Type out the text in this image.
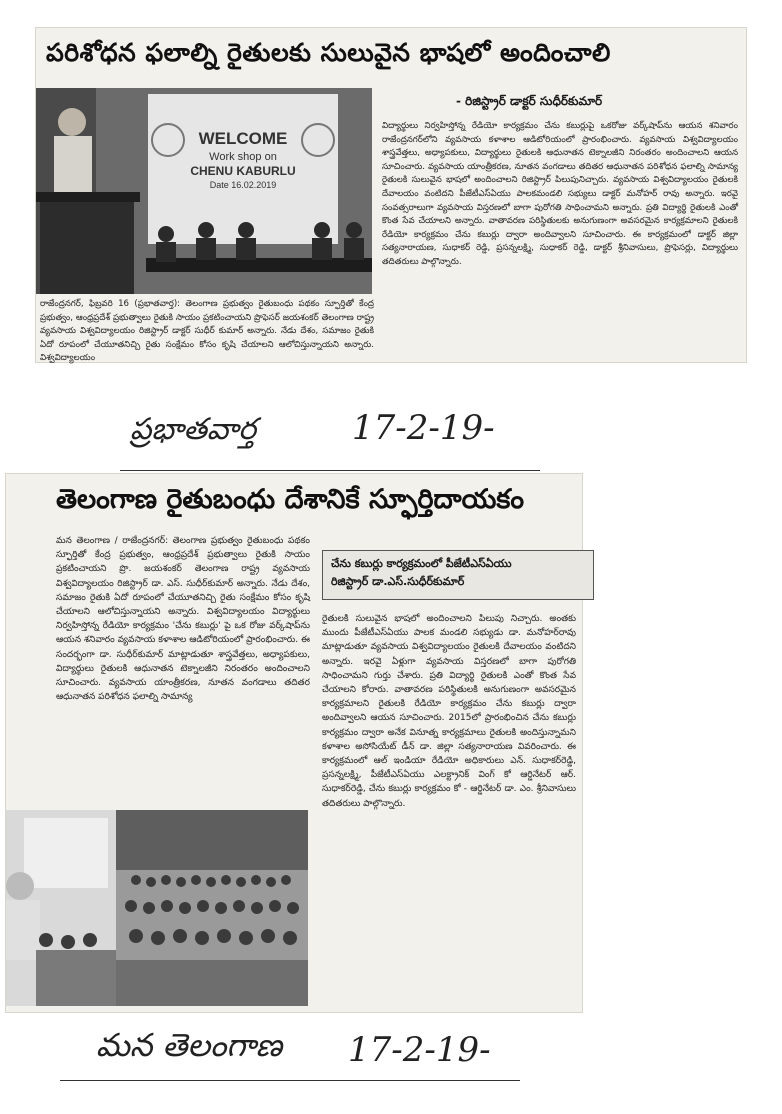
పరిశోధన ఫలాల్ని రైతులకు సులువైన భాషలో అందించాలి
WELCOME
Work shop on
CHENU KABURLU
Date 16.02.2019
- రిజిస్ట్రార్ డాక్టర్ సుధీర్‌కుమార్
విద్యార్థులు నిర్వహిస్తోన్న రేడియో కార్యక్రమం చేను కబుర్లుపై ఒకరోజు వర్క్‌షాప్‌ను ఆయన శనివారం రాజేంద్రనగర్‌లోని వ్యవసాయ కళాశాల ఆడిటోరియంలో ప్రారంభించారు. వ్యవసాయ విశ్వవిద్యాలయం శాస్త్రవేత్తలు, అధ్యాపకులు, విద్యార్థులు రైతులకి ఆధునాతన టెక్నాలజీని నిరంతరం అందించాలని ఆయన సూచించారు. వ్యవసాయ యాంత్రీకరణ, నూతన వంగడాలు తదితర ఆధునాతన పరిశోధన ఫలాల్ని సామాన్య రైతులకి సులువైన భాషలో అందించాలని రిజిస్ట్రార్ పిలుపునిచ్చారు. వ్యవసాయ విశ్వవిద్యాలయం రైతులకి దేవాలయం వంటిదని పీజేటీఎస్ఏయు పాలకమండలి సభ్యులు డాక్టర్ మనోహర్ రావు అన్నారు. ఇరవై సంవత్సరాలుగా వ్యవసాయ విస్తరణలో బాగా పురోగతి సాధించామని అన్నారు. ప్రతి విద్యార్థి రైతులకి ఎంతో కొంత సేవ చేయాలని అన్నారు. వాతావరణ పరిస్థితులకు అనుగుణంగా అవసరమైన కార్యక్రమాలని రైతులకి రేడియో కార్యక్రమం చేను కబుర్లు ద్వారా అందివ్వాలని సూచించారు. ఈ కార్యక్రమంలో డాక్టర్ జిల్లా సత్యనారాయణ, సుధాకర్ రెడ్డి, ప్రసన్నలక్ష్మి, సుధాకర్ రెడ్డి, డాక్టర్ శ్రీనివాసులు, ప్రొఫెసర్లు, విద్యార్థులు తదితరులు పాల్గొన్నారు.
రాజేంద్రనగర్, ఫిబ్రవరి 16 (ప్రభాతవార్త): తెలంగాణ ప్రభుత్వం రైతుబంధు పథకం స్ఫూర్తితో కేంద్ర ప్రభుత్వం, ఆంధ్రప్రదేశ్ ప్రభుత్వాలు రైతుకి సాయం ప్రకటించాయని ప్రొఫెసర్ జయశంకర్ తెలంగాణ రాష్ట్ర వ్యవసాయ విశ్వవిద్యాలయం రిజిస్ట్రార్ డాక్టర్ సుధీర్ కుమార్ అన్నారు. నేడు దేశం, సమాజం రైతుకి ఏదో రూపంలో చేయూతనిచ్చి రైతు సంక్షేమం కోసం కృషి చేయాలని ఆలోచిస్తున్నాయని అన్నారు. విశ్వవిద్యాలయం
ప్రభాతవార్త	17-2-19-
తెలంగాణ రైతుబంధు దేశానికే స్ఫూర్తిదాయకం
మన తెలంగాణ / రాజేంద్రనగర్: తెలంగాణ ప్రభుత్వం రైతుబంధు పథకం స్ఫూర్తితో కేంద్ర ప్రభుత్వం, ఆంధ్రప్రదేశ్ ప్రభుత్వాలు రైతుకి సాయం ప్రకటించాయని ప్రొ. జయశంకర్ తెలంగాణ రాష్ట్ర వ్యవసాయ విశ్వవిద్యాలయం రిజిస్ట్రార్ డా. ఎస్. సుధీర్‌కుమార్ అన్నారు. నేడు దేశం, సమాజం రైతుకి ఏదో రూపంలో చేయూతనిచ్చి రైతు సంక్షేమం కోసం కృషి చేయాలని ఆలోచిస్తున్నాయని అన్నారు. విశ్వవిద్యాలయం విద్యార్థులు నిర్వహిస్తోన్న రేడియో కార్యక్రమం 'చేను కబుర్లు' పై ఒక రోజు వర్క్‌షాప్‌ను ఆయన శనివారం వ్యవసాయ కళాశాల ఆడిటోరియంలో ప్రారంభించారు. ఈ సందర్భంగా డా. సుధీర్‌కుమార్ మాట్లాడుతూ శాస్త్రవేత్తలు, అధ్యాపకులు, విద్యార్థులు రైతులకి ఆధునాతన టెక్నాలజీని నిరంతరం అందించాలని సూచించారు. వ్యవసాయ యాంత్రీకరణ, నూతన వంగడాలు తదితర ఆధునాతన పరిశోధన ఫలాల్ని సామాన్య
చేను కబుర్లు కార్యక్రమంలో పీజేటీఎస్ఏయు
రిజిస్ట్రార్ డా.ఎస్.సుధీర్‌కుమార్
రైతులకి సులువైన భాషలో అందించాలని పిలుపు నిచ్చారు. అంతకు ముందు పీజేటీఎస్ఏయు పాలక మండలి సభ్యుడు డా. మనోహర్‌రావు మాట్లాడుతూ వ్యవసాయ విశ్వవిద్యాలయం రైతులకి దేవాలయం వంటిదని అన్నారు. ఇరవై ఏళ్లుగా వ్యవసాయ విస్తరణలో బాగా పురోగతి సాధించామని గుర్తు చేశారు. ప్రతి విద్యార్థి రైతులకి ఎంతో కొంత సేవ చేయాలని కోరారు. వాతావరణ పరిస్థితులకి అనుగుణంగా అవసరమైన కార్యక్రమాలని రైతులకి రేడియో కార్యక్రమం చేను కబుర్లు ద్వారా అందివ్వాలని ఆయన సూచించారు. 2015లో ప్రారంభించిన చేను కబుర్లు కార్యక్రమం ద్వారా అనేక వినూత్న కార్యక్రమాలు రైతులకి అందిస్తున్నామని కళాశాల అసోసియేట్ డీన్ డా. జిల్లా సత్యనారాయణ వివరించారు. ఈ కార్యక్రమంలో ఆల్ ఇండియా రేడియో అధికారులు ఎన్. సుధాకర్‌రెడ్డి, ప్రసన్నలక్ష్మి, పీజేటీఎస్ఏయు ఎలక్ట్రానిక్ వింగ్ కో ఆర్డినేటర్ ఆర్. సుధాకర్‌రెడ్డి, చేను కబుర్లు కార్యక్రమం కో - ఆర్డినేటర్ డా. ఎం. శ్రీనివాసులు తదితరులు పాల్గొన్నారు.
మన తెలంగాణ 17-2-19-
